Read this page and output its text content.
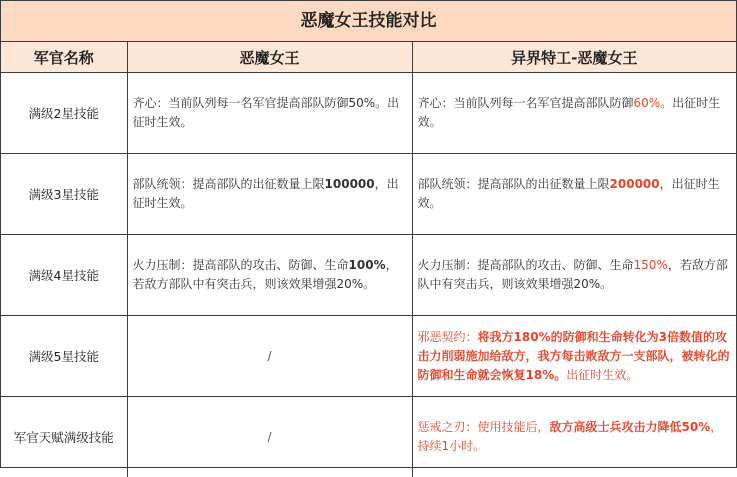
恶魔女王技能对比
军官名称	恶魔女王	异界特工-恶魔女王
满级2星技能	齐心：当前队列每一名军官提高部队防御50%。出征时生效。	齐心：当前队列每一名军官提高部队防御60%。出征时生效。
满级3星技能	部队统领：提高部队的出征数量上限100000，出征时生效。	部队统领：提高部队的出征数量上限200000，出征时生效。
满级4星技能	火力压制：提高部队的攻击、防御、生命100%，若敌方部队中有突击兵，则该效果增强20%。	火力压制：提高部队的攻击、防御、生命150%，若敌方部队中有突击兵，则该效果增强20%。
满级5星技能	/	邪恶契约：将我方180%的防御和生命转化为3倍数值的攻击力削弱施加给敌方，我方每击败敌方一支部队，被转化的防御和生命就会恢复18%。出征时生效。
军官天赋满级技能	/	惩戒之刃：使用技能后，敌方高级士兵攻击力降低50%，持续1小时。
